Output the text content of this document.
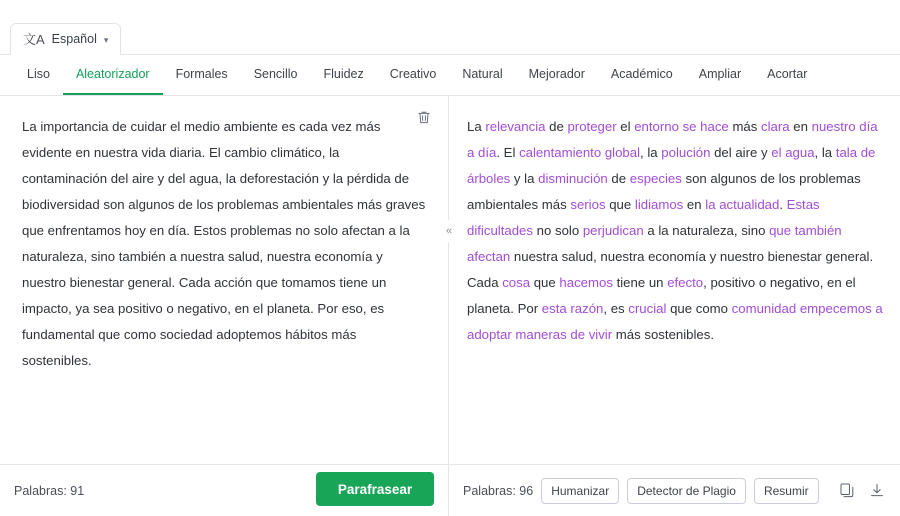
文A Español ▾
Liso	Aleatorizador	Formales	Sencillo	Fluidez	Creativo	Natural	Mejorador	Académico	Ampliar	Acortar
La importancia de cuidar el medio ambiente es cada vez más evidente en nuestra vida diaria. El cambio climático, la contaminación del aire y del agua, la deforestación y la pérdida de biodiversidad son algunos de los problemas ambientales más graves que enfrentamos hoy en día. Estos problemas no solo afectan a la naturaleza, sino también a nuestra salud, nuestra economía y nuestro bienestar general. Cada acción que tomamos tiene un impacto, ya sea positivo o negativo, en el planeta. Por eso, es fundamental que como sociedad adoptemos hábitos más sostenibles.
«
La relevancia de proteger el entorno se hace más clara en nuestro día a día. El calentamiento global, la polución del aire y el agua, la tala de árboles y la disminución de especies son algunos de los problemas ambientales más serios que lidiamos en la actualidad. Estas dificultades no solo perjudican a la naturaleza, sino que también afectan nuestra salud, nuestra economía y nuestro bienestar general. Cada cosa que hacemos tiene un efecto, positivo o negativo, en el planeta. Por esta razón, es crucial que como comunidad empecemos a adoptar maneras de vivir más sostenibles.
Palabras: 91	Parafrasear	Palabras: 96	Humanizar	Detector de Plagio	Resumir
